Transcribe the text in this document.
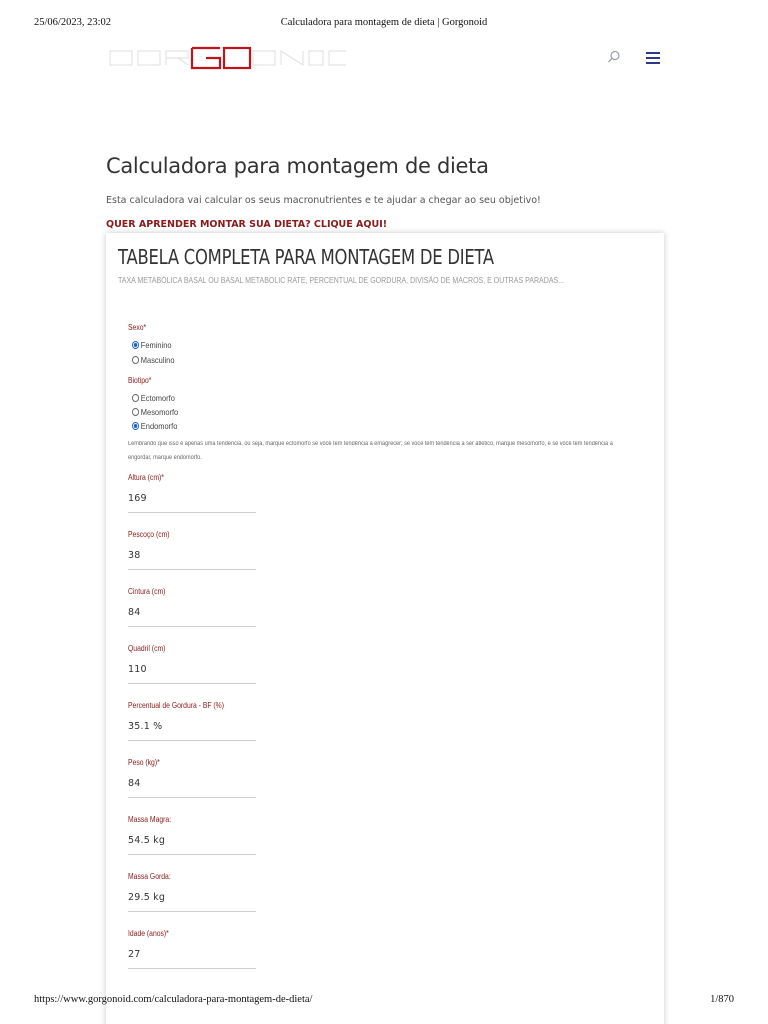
25/06/2023, 23:02	Calculadora para montagem de dieta | Gorgonoid
Calculadora para montagem de dieta

Esta calculadora vai calcular os seus macronutrientes e te ajudar a chegar ao seu objetivo!

QUER APRENDER MONTAR SUA DIETA? CLIQUE AQUI!
TABELA COMPLETA PARA MONTAGEM DE DIETA
TAXA METABÓLICA BASAL OU BASAL METABOLIC RATE, PERCENTUAL DE GORDURA, DIVISÃO DE MACROS, E OUTRAS PARADAS...
Sexo*
Feminino
Masculino
Biotipo*
Ectomorfo
Mesomorfo
Endomorfo
Lembrando que isso é apenas uma tendência, ou seja, marque ectomorfo se você tem tendência a emagrecer; se você tem tendência a ser atlético, marque mesomorfo, e se você tem tendência a engordar, marque endomorfo.
Altura (cm)*
169
Pescoço (cm)
38
Cintura (cm)
84
Quadril (cm)
110
Percentual de Gordura - BF (%)
35.1 %
Peso (kg)*
84
Massa Magra:
54.5 kg
Massa Gorda:
29.5 kg
Idade (anos)*
27
https://www.gorgonoid.com/calculadora-para-montagem-de-dieta/	1/870
